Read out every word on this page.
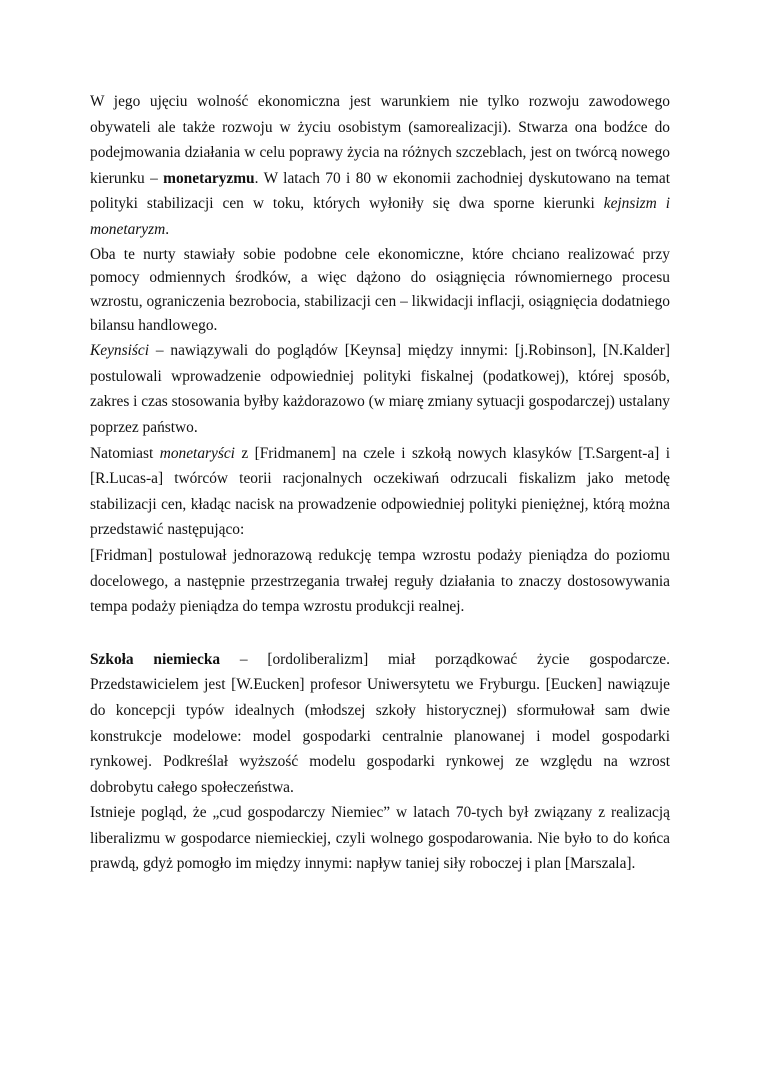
W jego ujęciu wolność ekonomiczna jest warunkiem nie tylko rozwoju zawodowego obywateli ale także rozwoju w życiu osobistym (samorealizacji). Stwarza ona bodźce do podejmowania działania w celu poprawy życia na różnych szczeblach, jest on twórcą nowego kierunku – monetaryzmu. W latach 70 i 80 w ekonomii zachodniej dyskutowano na temat polityki stabilizacji cen w toku, których wyłoniły się dwa sporne kierunki kejnsizm i monetaryzm.

Oba te nurty stawiały sobie podobne cele ekonomiczne, które chciano realizować przy pomocy odmiennych środków, a więc dążono do osiągnięcia równomiernego procesu wzrostu, ograniczenia bezrobocia, stabilizacji cen – likwidacji inflacji, osiągnięcia dodatniego bilansu handlowego.

Keynsiści – nawiązywali do poglądów [Keynsa] między innymi: [j.Robinson], [N.Kalder] postulowali wprowadzenie odpowiedniej polityki fiskalnej (podatkowej), której sposób, zakres i czas stosowania byłby każdorazowo (w miarę zmiany sytuacji gospodarczej) ustalany poprzez państwo.

Natomiast monetaryści z [Fridmanem] na czele i szkołą nowych klasyków [T.Sargent-a] i [R.Lucas-a] twórców teorii racjonalnych oczekiwań odrzucali fiskalizm jako metodę stabilizacji cen, kładąc nacisk na prowadzenie odpowiedniej polityki pieniężnej, którą można przedstawić następująco:

[Fridman] postulował jednorazową redukcję tempa wzrostu podaży pieniądza do poziomu docelowego, a następnie przestrzegania trwałej reguły działania to znaczy dostosowywania tempa podaży pieniądza do tempa wzrostu produkcji realnej.

Szkoła niemiecka – [ordoliberalizm] miał porządkować życie gospodarcze. Przedstawicielem jest [W.Eucken] profesor Uniwersytetu we Fryburgu. [Eucken] nawiązuje do koncepcji typów idealnych (młodszej szkoły historycznej) sformułował sam dwie konstrukcje modelowe: model gospodarki centralnie planowanej i model gospodarki rynkowej. Podkreślał wyższość modelu gospodarki rynkowej ze względu na wzrost dobrobytu całego społeczeństwa.

Istnieje pogląd, że „cud gospodarczy Niemiec” w latach 70-tych był związany z realizacją liberalizmu w gospodarce niemieckiej, czyli wolnego gospodarowania. Nie było to do końca prawdą, gdyż pomogło im między innymi: napływ taniej siły roboczej i plan [Marszala].
